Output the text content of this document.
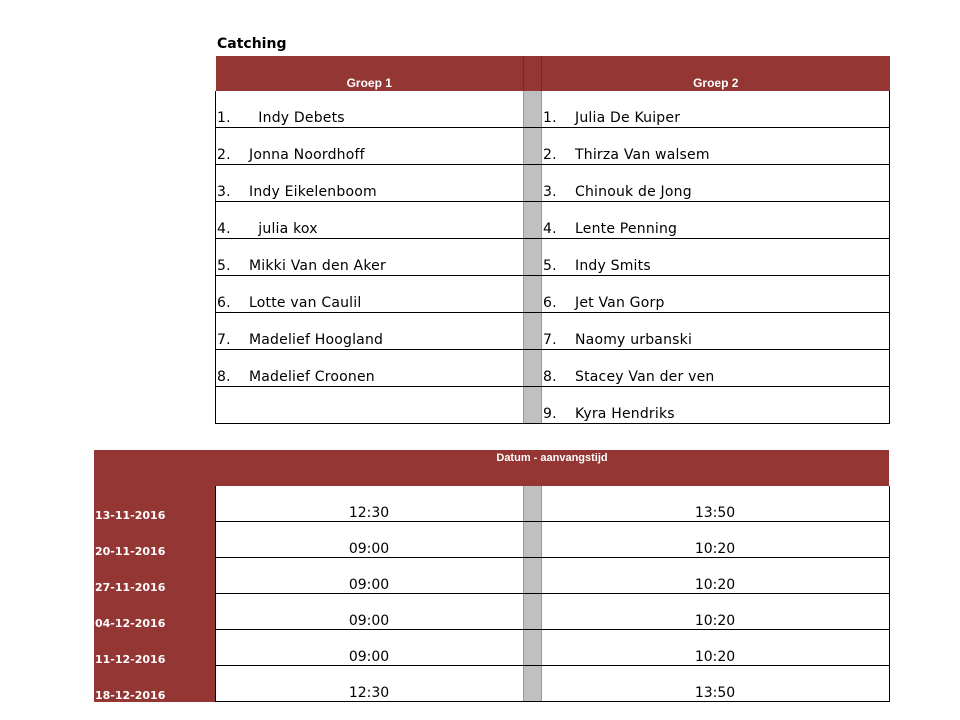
Catching
Groep 1		Groep 2

1. Indy Debets		1. Julia De Kuiper

2. Jonna Noordhoff		2. Thirza Van walsem

3. Indy Eikelenboom		3. Chinouk de Jong

4. julia kox		4. Lente Penning

5. Mikki Van den Aker		5. Indy Smits

6. Lotte van Caulil		6. Jet Van Gorp

7. Madelief Hoogland		7. Naomy urbanski

8. Madelief Croonen		8. Stacey Van der ven

		9. Kyra Hendriks
	Datum - aanvangstijd		
13-11-2016	12:30		13:50
20-11-2016	09:00		10:20
27-11-2016	09:00		10:20
04-12-2016	09:00		10:20
11-12-2016	09:00		10:20
18-12-2016	12:30		13:50
